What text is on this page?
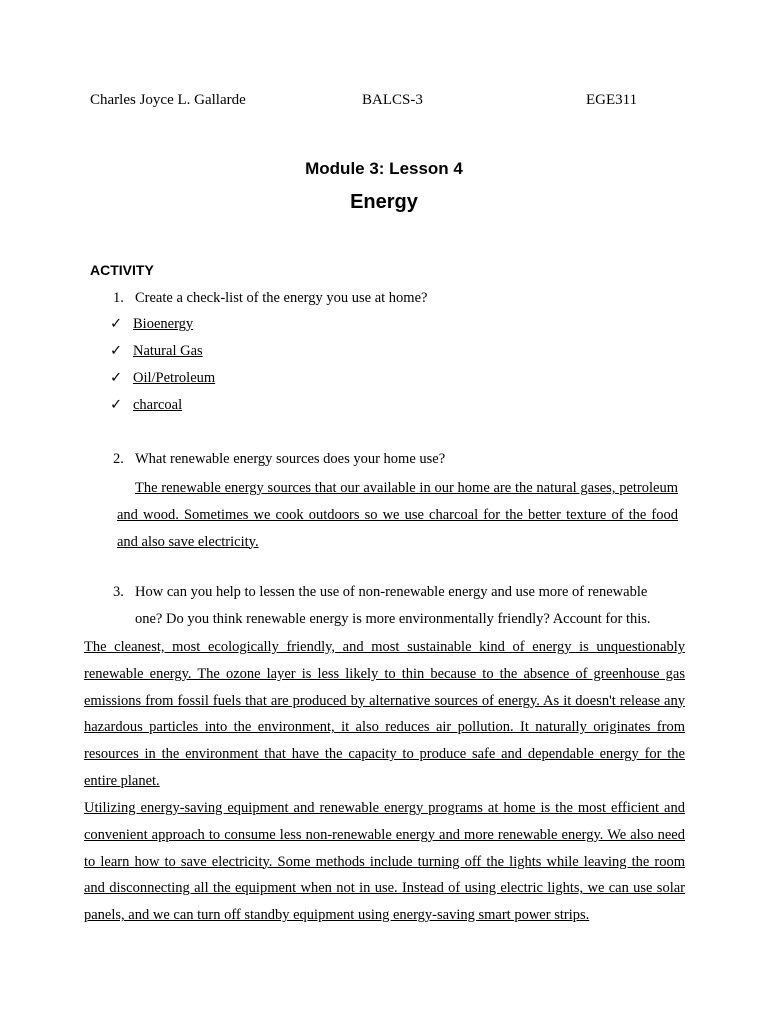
Charles Joyce L. Gallarde	BALCS-3	EGE311
Module 3: Lesson 4
Energy
ACTIVITY
1. Create a check-list of the energy you use at home?
✓ Bioenergy
✓ Natural Gas
✓ Oil/Petroleum
✓ charcoal
2. What renewable energy sources does your home use?
The renewable energy sources that our available in our home are the natural gases, petroleum and wood. Sometimes we cook outdoors so we use charcoal for the better texture of the food and also save electricity.
3. How can you help to lessen the use of non-renewable energy and use more of renewable
one? Do you think renewable energy is more environmentally friendly? Account for this.
The cleanest, most ecologically friendly, and most sustainable kind of energy is unquestionably renewable energy. The ozone layer is less likely to thin because to the absence of greenhouse gas emissions from fossil fuels that are produced by alternative sources of energy. As it doesn't release any hazardous particles into the environment, it also reduces air pollution. It naturally originates from resources in the environment that have the capacity to produce safe and dependable energy for the entire planet.
Utilizing energy-saving equipment and renewable energy programs at home is the most efficient and convenient approach to consume less non-renewable energy and more renewable energy. We also need to learn how to save electricity. Some methods include turning off the lights while leaving the room and disconnecting all the equipment when not in use. Instead of using electric lights, we can use solar panels, and we can turn off standby equipment using energy-saving smart power strips.
